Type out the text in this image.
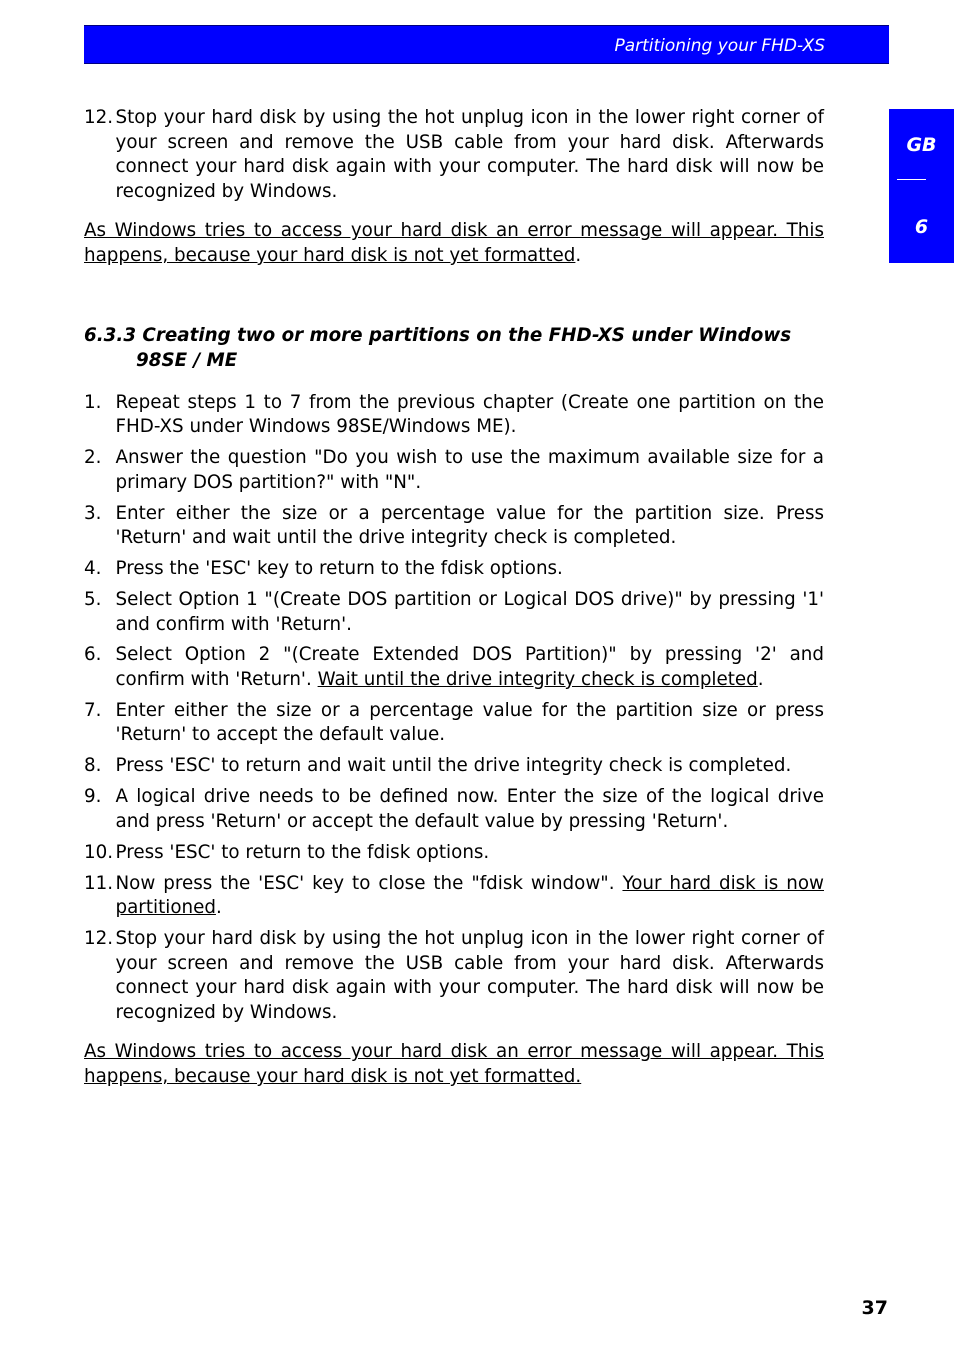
Partitioning your FHD-XS
GB
6
12. Stop your hard disk by using the hot unplug icon in the lower right corner of your screen and remove the USB cable from your hard disk. Afterwards connect your hard disk again with your computer. The hard disk will now be recognized by Windows.

As Windows tries to access your hard disk an error message will appear. This happens, because your hard disk is not yet formatted.

6.3.3 Creating two or more partitions on the FHD-XS under Windows
98SE / ME
1. Repeat steps 1 to 7 from the previous chapter (Create one partition on the FHD-XS under Windows 98SE/Windows ME).
2. Answer the question "Do you wish to use the maximum available size for a primary DOS partition?" with "N".
3. Enter either the size or a percentage value for the partition size. Press 'Return' and wait until the drive integrity check is completed.
4. Press the 'ESC' key to return to the fdisk options.
5. Select Option 1 "(Create DOS partition or Logical DOS drive)" by pressing '1' and confirm with 'Return'.
6. Select Option 2 "(Create Extended DOS Partition)" by pressing '2' and confirm with 'Return'. Wait until the drive integrity check is completed.
7. Enter either the size or a percentage value for the partition size or press 'Return' to accept the default value.
8. Press 'ESC' to return and wait until the drive integrity check is completed.
9. A logical drive needs to be defined now. Enter the size of the logical drive and press 'Return' or accept the default value by pressing 'Return'.
10. Press 'ESC' to return to the fdisk options.
11. Now press the 'ESC' key to close the "fdisk window". Your hard disk is now partitioned.
12. Stop your hard disk by using the hot unplug icon in the lower right corner of your screen and remove the USB cable from your hard disk. Afterwards connect your hard disk again with your computer. The hard disk will now be recognized by Windows.

As Windows tries to access your hard disk an error message will appear. This happens, because your hard disk is not yet formatted.

37
